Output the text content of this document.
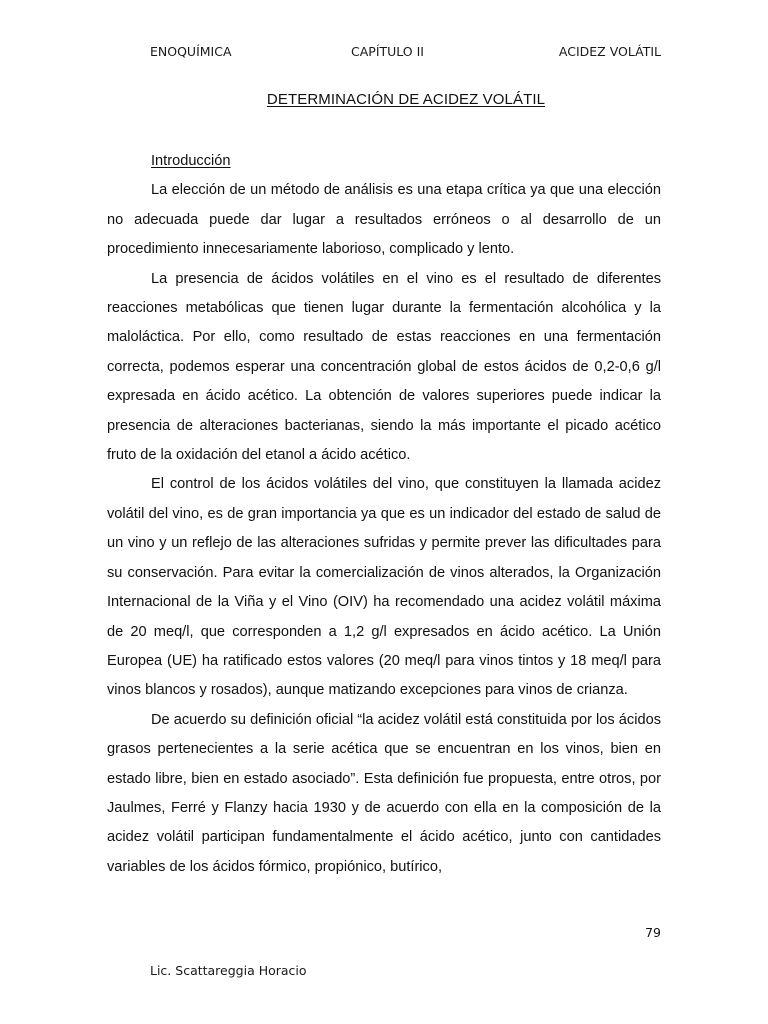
ENOQUÍMICA	CAPÍTULO II	ACIDEZ VOLÁTIL
DETERMINACIÓN DE ACIDEZ VOLÁTIL

Introducción

La elección de un método de análisis es una etapa crítica ya que una elección no adecuada puede dar lugar a resultados erróneos o al desarrollo de un procedimiento innecesariamente laborioso, complicado y lento.

La presencia de ácidos volátiles en el vino es el resultado de diferentes reacciones metabólicas que tienen lugar durante la fermentación alcohólica y la maloláctica. Por ello, como resultado de estas reacciones en una fermentación correcta, podemos esperar una concentración global de estos ácidos de 0,2-0,6 g/l expresada en ácido acético. La obtención de valores superiores puede indicar la presencia de alteraciones bacterianas, siendo la más importante el picado acético fruto de la oxidación del etanol a ácido acético.

El control de los ácidos volátiles del vino, que constituyen la llamada acidez volátil del vino, es de gran importancia ya que es un indicador del estado de salud de un vino y un reflejo de las alteraciones sufridas y permite prever las dificultades para su conservación. Para evitar la comercialización de vinos alterados, la Organización Internacional de la Viña y el Vino (OIV) ha recomendado una acidez volátil máxima de 20 meq/l, que corresponden a 1,2 g/l expresados en ácido acético. La Unión Europea (UE) ha ratificado estos valores (20 meq/l para vinos tintos y 18 meq/l para vinos blancos y rosados), aunque matizando excepciones para vinos de crianza.

De acuerdo su definición oficial “la acidez volátil está constituida por los ácidos grasos pertenecientes a la serie acética que se encuentran en los vinos, bien en estado libre, bien en estado asociado”. Esta definición fue propuesta, entre otros, por Jaulmes, Ferré y Flanzy hacia 1930 y de acuerdo con ella en la composición de la acidez volátil participan fundamentalmente el ácido acético, junto con cantidades variables de los ácidos fórmico, propiónico, butírico,

79
Lic. Scattareggia Horacio
